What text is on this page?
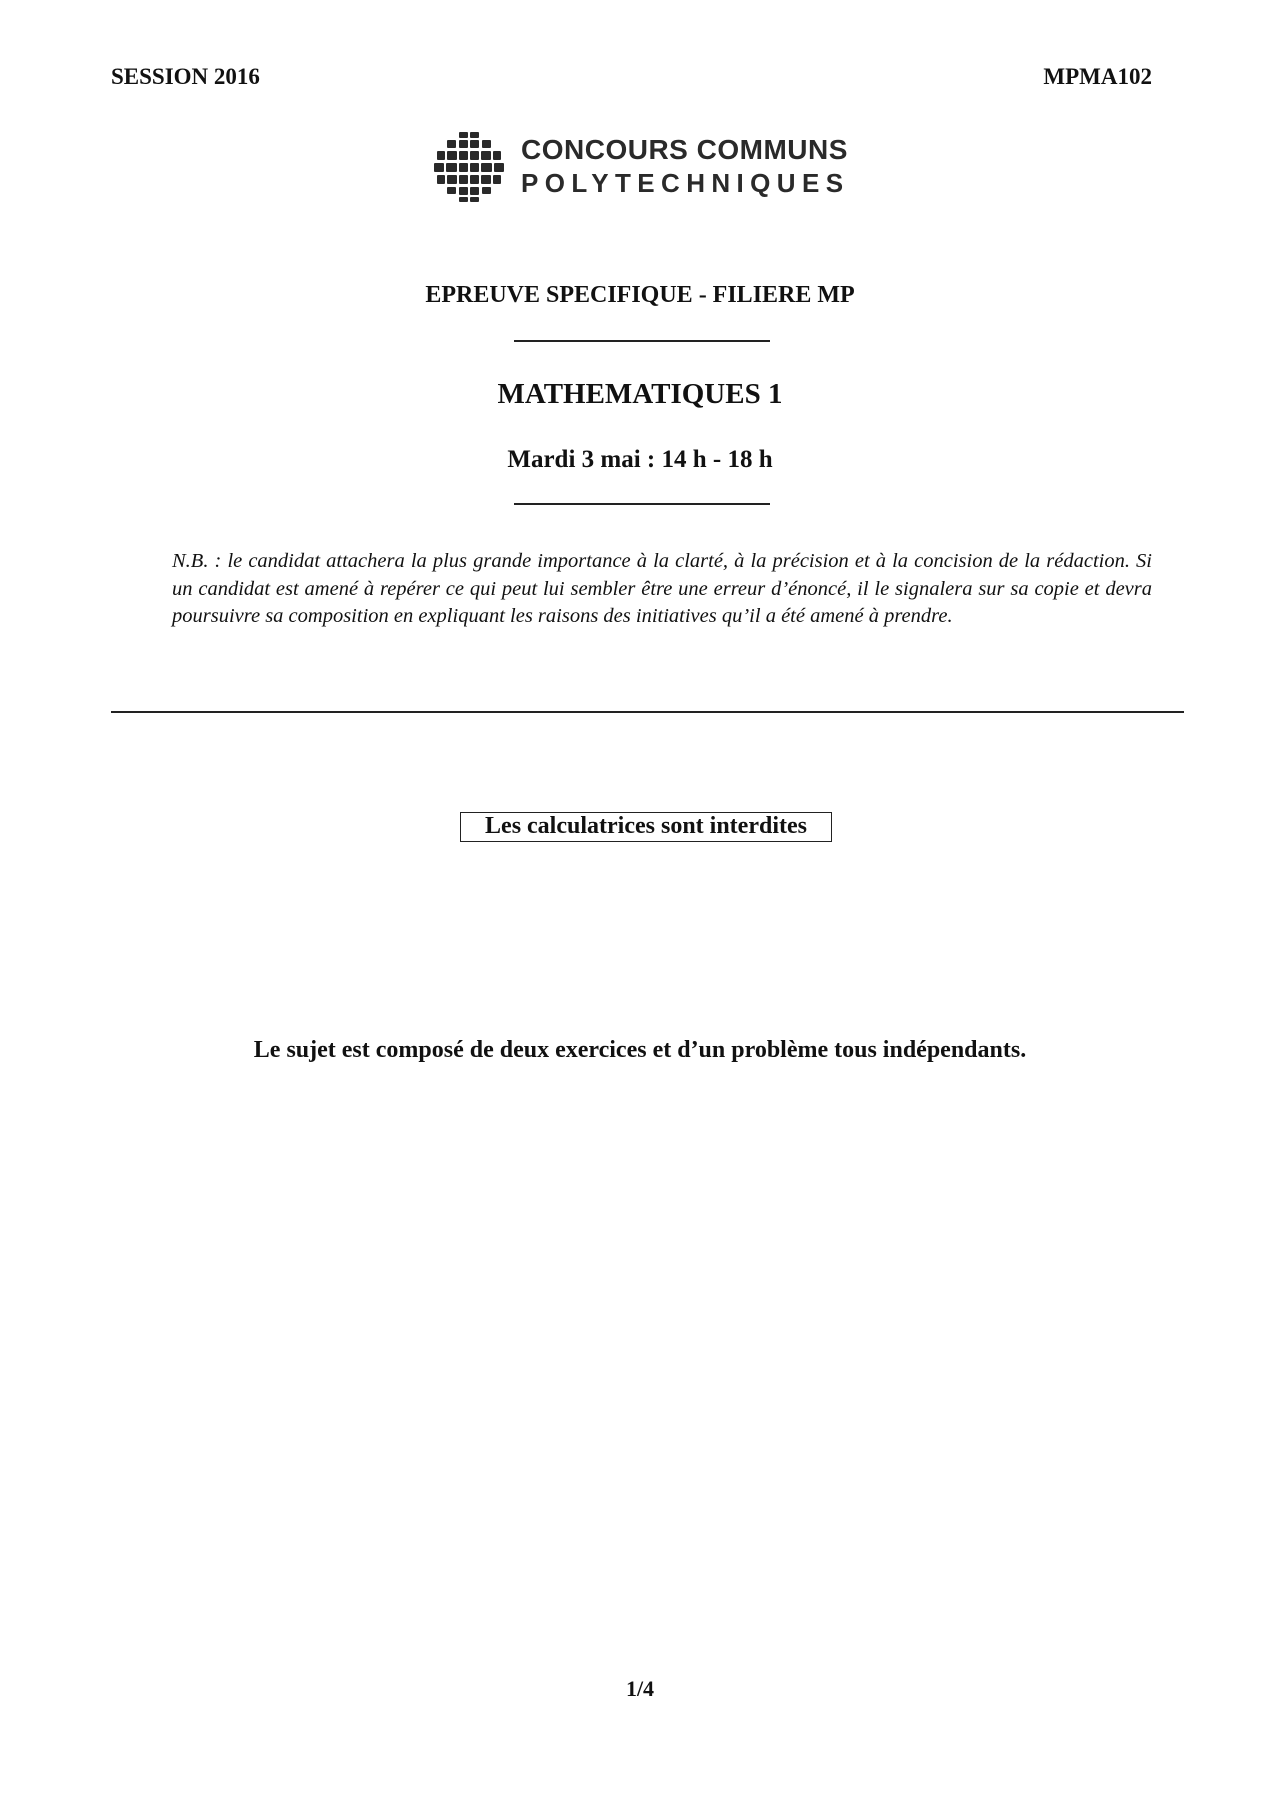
SESSION 2016	MPMA102
CONCOURS COMMUNS
POLYTECHNIQUES
EPREUVE SPECIFIQUE - FILIERE MP
MATHEMATIQUES 1
Mardi 3 mai : 14 h - 18 h
N.B. : le candidat attachera la plus grande importance à la clarté, à la précision et à la concision de la rédaction. Si un candidat est amené à repérer ce qui peut lui sembler être une erreur d’énoncé, il le signalera sur sa copie et devra poursuivre sa composition en expliquant les raisons des initiatives qu’il a été amené à prendre.
Les calculatrices sont interdites
Le sujet est composé de deux exercices et d’un problème tous indépendants.
1/4
